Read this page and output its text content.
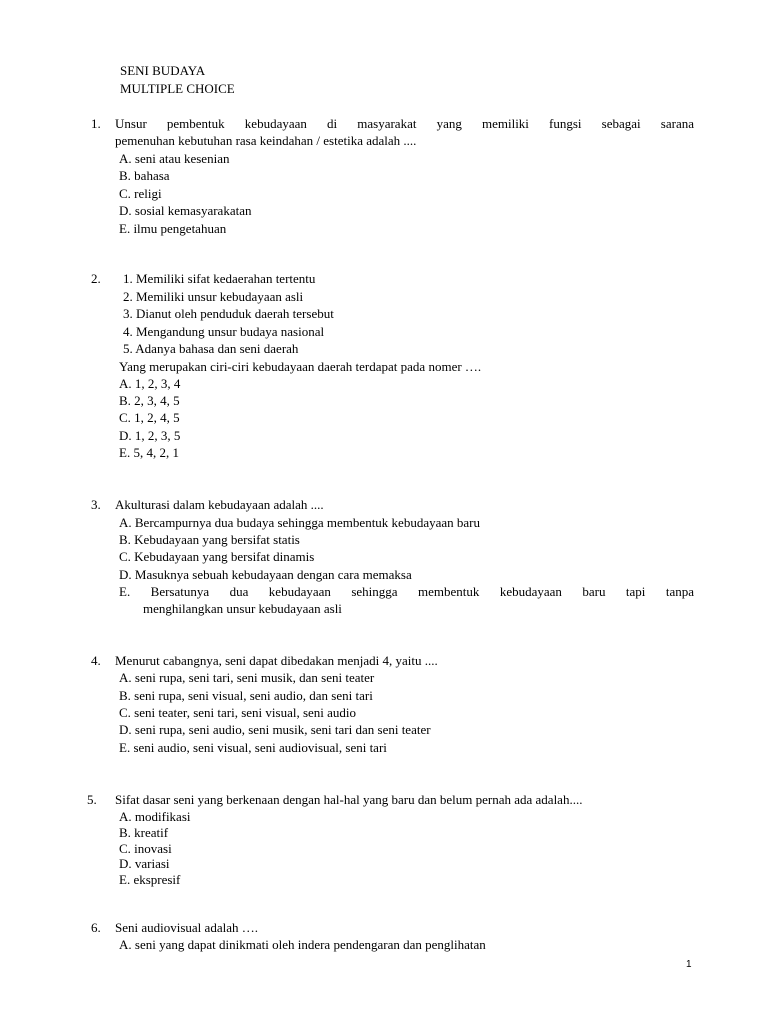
SENI BUDAYA
MULTIPLE CHOICE
1. Unsur pembentuk kebudayaan di masyarakat yang memiliki fungsi sebagai sarana
pemenuhan kebutuhan rasa keindahan / estetika adalah ....
A. seni atau kesenian
B. bahasa
C. religi
D. sosial kemasyarakatan
E. ilmu pengetahuan
2. 1. Memiliki sifat kedaerahan tertentu
2. Memiliki unsur kebudayaan asli
3. Dianut oleh penduduk daerah tersebut
4. Mengandung unsur budaya nasional
5. Adanya bahasa dan seni daerah
Yang merupakan ciri-ciri kebudayaan daerah terdapat pada nomer ….
A. 1, 2, 3, 4
B. 2, 3, 4, 5
C. 1, 2, 4, 5
D. 1, 2, 3, 5
E. 5, 4, 2, 1
3. Akulturasi dalam kebudayaan adalah ....
A. Bercampurnya dua budaya sehingga membentuk kebudayaan baru
B. Kebudayaan yang bersifat statis
C. Kebudayaan yang bersifat dinamis
D. Masuknya sebuah kebudayaan dengan cara memaksa
E. Bersatunya dua kebudayaan sehingga membentuk kebudayaan baru tapi tanpa
menghilangkan unsur kebudayaan asli
4. Menurut cabangnya, seni dapat dibedakan menjadi 4, yaitu ....
A. seni rupa, seni tari, seni musik, dan seni teater
B. seni rupa, seni visual, seni audio, dan seni tari
C. seni teater, seni tari, seni visual, seni audio
D. seni rupa, seni audio, seni musik, seni tari dan seni teater
E. seni audio, seni visual, seni audiovisual, seni tari
5. Sifat dasar seni yang berkenaan dengan hal-hal yang baru dan belum pernah ada adalah....
A. modifikasi
B. kreatif
C. inovasi
D. variasi
E. ekspresif
6. Seni audiovisual adalah ….
A. seni yang dapat dinikmati oleh indera pendengaran dan penglihatan
1
